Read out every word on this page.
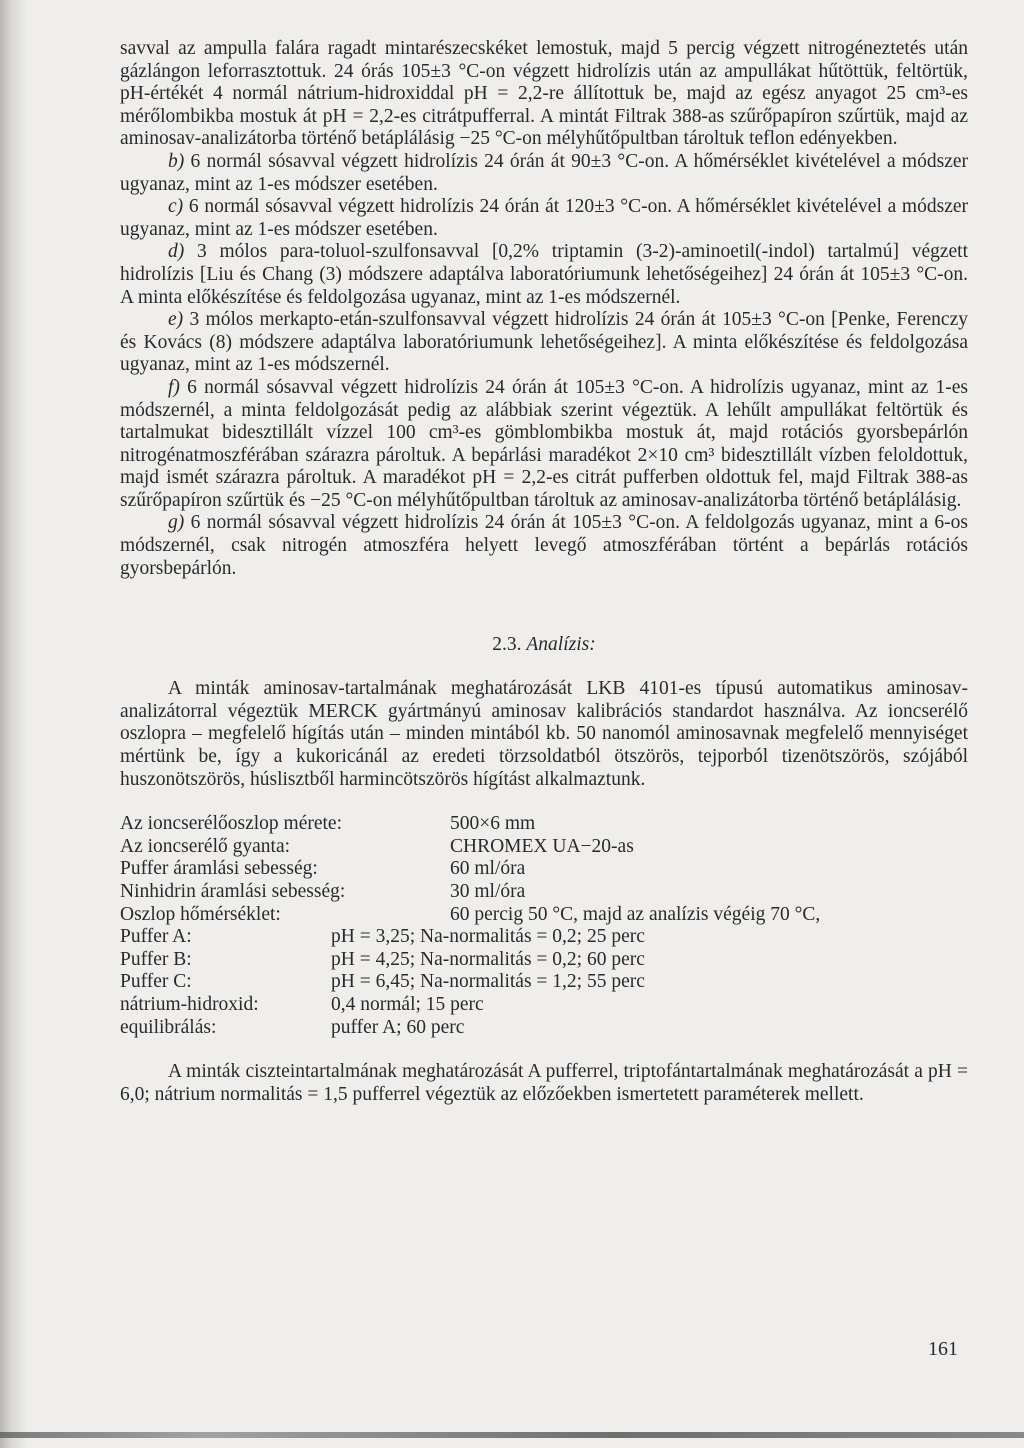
savval az ampulla falára ragadt mintarészecskéket lemostuk, majd 5 percig végzett nitrogéneztetés után gázlángon leforrasztottuk. 24 órás 105±3 °C-on végzett hidrolízis után az ampullákat hűtöttük, feltörtük, pH-értékét 4 normál nátrium-hidroxiddal pH = 2,2-re állítottuk be, majd az egész anyagot 25 cm³-es mérőlombikba mostuk át pH = 2,2-es citrátpufferral. A mintát Filtrak 388-as szűrőpapíron szűrtük, majd az aminosav-analizátorba történő betáplálásig −25 °C-on mélyhűtőpultban tároltuk teflon edényekben.

b) 6 normál sósavval végzett hidrolízis 24 órán át 90±3 °C-on. A hőmérséklet kivételével a módszer ugyanaz, mint az 1-es módszer esetében.

c) 6 normál sósavval végzett hidrolízis 24 órán át 120±3 °C-on. A hőmérséklet kivételével a módszer ugyanaz, mint az 1-es módszer esetében.

d) 3 mólos para-toluol-szulfonsavval [0,2% triptamin (3-2)-aminoetil(-indol) tartalmú] végzett hidrolízis [Liu és Chang (3) módszere adaptálva laboratóriumunk lehetőségeihez] 24 órán át 105±3 °C-on. A minta előkészítése és feldolgozása ugyanaz, mint az 1-es módszernél.

e) 3 mólos merkapto-etán-szulfonsavval végzett hidrolízis 24 órán át 105±3 °C-on [Penke, Ferenczy és Kovács (8) módszere adaptálva laboratóriumunk lehetőségeihez]. A minta előkészítése és feldolgozása ugyanaz, mint az 1-es módszernél.

f) 6 normál sósavval végzett hidrolízis 24 órán át 105±3 °C-on. A hidrolízis ugyanaz, mint az 1-es módszernél, a minta feldolgozását pedig az alábbiak szerint végeztük. A lehűlt ampullákat feltörtük és tartalmukat bidesztillált vízzel 100 cm³-es gömblombikba mostuk át, majd rotációs gyorsbepárlón nitrogénatmoszférában szárazra pároltuk. A bepárlási maradékot 2×10 cm³ bidesztillált vízben feloldottuk, majd ismét szárazra pároltuk. A maradékot pH = 2,2-es citrát pufferben oldottuk fel, majd Filtrak 388-as szűrőpapíron szűrtük és −25 °C-on mélyhűtőpultban tároltuk az aminosav-analizátorba történő betáplálásig.

g) 6 normál sósavval végzett hidrolízis 24 órán át 105±3 °C-on. A feldolgozás ugyanaz, mint a 6-os módszernél, csak nitrogén atmoszféra helyett levegő atmoszférában történt a bepárlás rotációs gyorsbepárlón.

2.3. Analízis:

A minták aminosav-tartalmának meghatározását LKB 4101-es típusú automatikus aminosav-analizátorral végeztük MERCK gyártmányú aminosav kalibrációs standardot használva. Az ioncserélő oszlopra – megfelelő hígítás után – minden mintából kb. 50 nanomól aminosavnak megfelelő mennyiséget mértünk be, így a kukoricánál az eredeti törzsoldatból ötszörös, tejporból tizenötszörös, szójából huszonötszörös, húslisztből harmincötszörös hígítást alkalmaztunk.

Az ioncserélőoszlop mérete:	500×6 mm
Az ioncserélő gyanta:	CHROMEX UA−20-as
Puffer áramlási sebesség:	60 ml/óra
Ninhidrin áramlási sebesség:	30 ml/óra
Oszlop hőmérséklet:	60 percig 50 °C, majd az analízis végéig 70 °C,
Puffer A:	pH = 3,25; Na-normalitás = 0,2; 25 perc
Puffer B:	pH = 4,25; Na-normalitás = 0,2; 60 perc
Puffer C:	pH = 6,45; Na-normalitás = 1,2; 55 perc
nátrium-hidroxid:	0,4 normál; 15 perc
equilibrálás:	puffer A; 60 perc

A minták ciszteintartalmának meghatározását A pufferrel, triptofántartalmának meghatározását a pH = 6,0; nátrium normalitás = 1,5 pufferrel végeztük az előzőekben ismertetett paraméterek mellett.

161
